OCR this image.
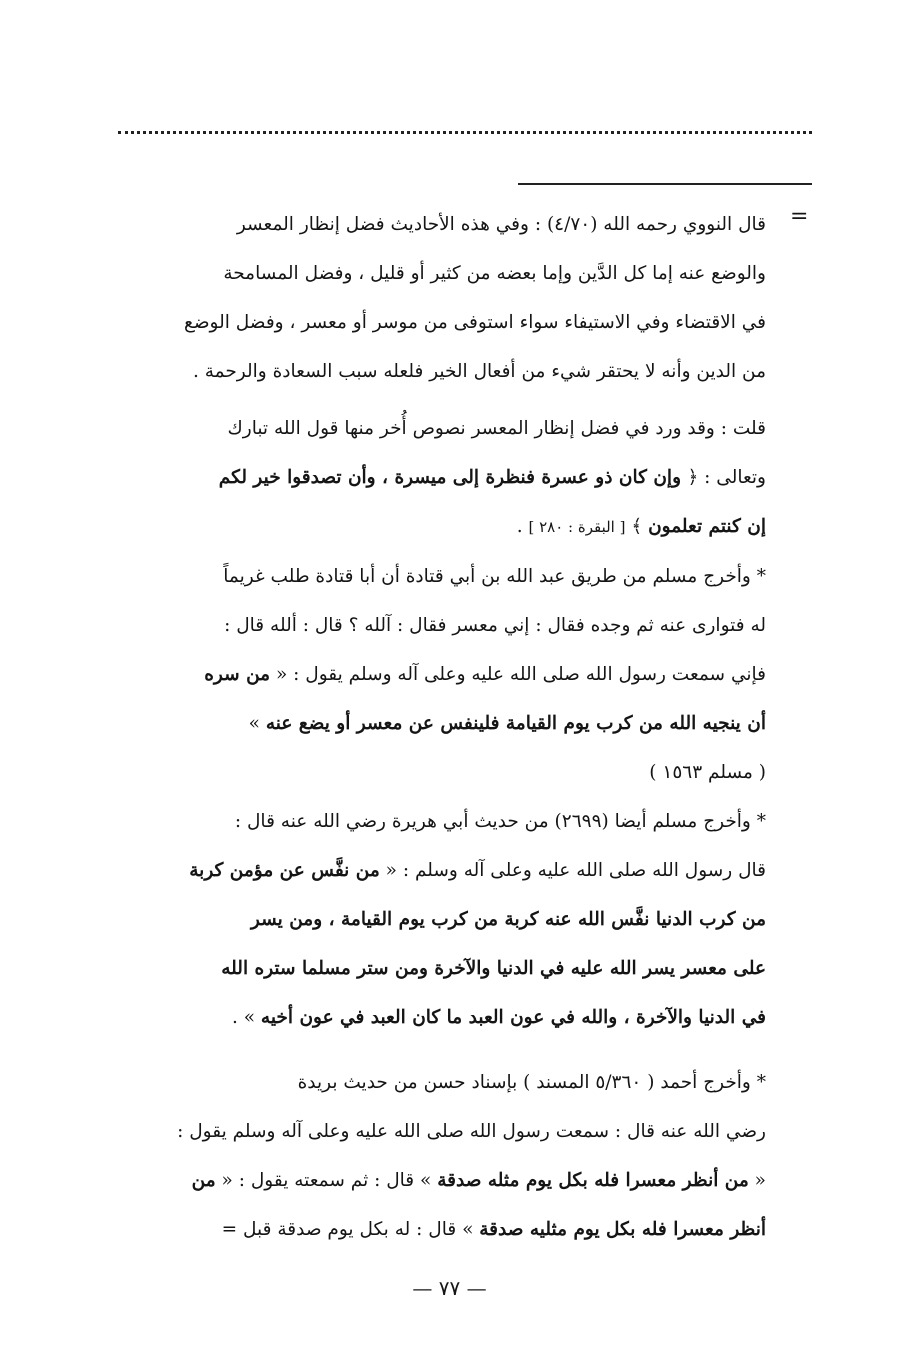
=
قال النووي رحمه الله (٤/٧٠) : وفي هذه الأحاديث فضل إنظار المعسر
والوضع عنه إما كل الدَّين وإما بعضه من كثير أو قليل ، وفضل المسامحة
في الاقتضاء وفي الاستيفاء سواء استوفى من موسر أو معسر ، وفضل الوضع
من الدين وأنه لا يحتقر شيء من أفعال الخير فلعله سبب السعادة والرحمة .
قلت : وقد ورد في فضل إنظار المعسر نصوص أُخر منها قول الله تبارك
وتعالى : ﴿ وإن كان ذو عسرة فنظرة إلى ميسرة ، وأن تصدقوا خير لكم
إن كنتم تعلمون ﴾ [ البقرة : ٢٨٠ ] .
* وأخرج مسلم من طريق عبد الله بن أبي قتادة أن أبا قتادة طلب غريماً
له فتوارى عنه ثم وجده فقال : إني معسر فقال : آلله ؟ قال : ألله قال :
فإني سمعت رسول الله صلى الله عليه وعلى آله وسلم يقول : « من سره
أن ينجيه الله من كرب يوم القيامة فلينفس عن معسر أو يضع عنه »
( مسلم ١٥٦٣ )
* وأخرج مسلم أيضا (٢٦٩٩) من حديث أبي هريرة رضي الله عنه قال :
قال رسول الله صلى الله عليه وعلى آله وسلم : « من نفَّس عن مؤمن كربة
من كرب الدنيا نفَّس الله عنه كربة من كرب يوم القيامة ، ومن يسر
على معسر يسر الله عليه في الدنيا والآخرة ومن ستر مسلما ستره الله
في الدنيا والآخرة ، والله في عون العبد ما كان العبد في عون أخيه » .
* وأخرج أحمد ( ٥/٣٦٠ المسند ) بإسناد حسن من حديث بريدة
رضي الله عنه قال : سمعت رسول الله صلى الله عليه وعلى آله وسلم يقول :
« من أنظر معسرا فله بكل يوم مثله صدقة » قال : ثم سمعته يقول : « من
أنظر معسرا فله بكل يوم مثليه صدقة » قال : له بكل يوم صدقة قبل =
— ٧٧ —
